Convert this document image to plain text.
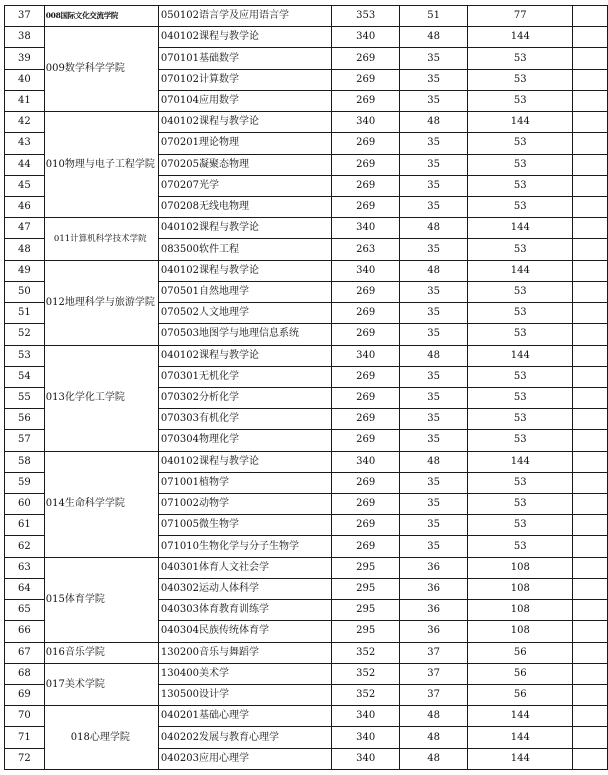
37	008国际文化交流学院	050102语言学及应用语言学	353	51	77	
38	009数学科学学院	040102课程与教学论	340	48	144	
39		070101基础数学	269	35	53	
40		070102计算数学	269	35	53	
41		070104应用数学	269	35	53	
42	010物理与电子工程学院	040102课程与教学论	340	48	144	
43		070201理论物理	269	35	53	
44		070205凝聚态物理	269	35	53	
45		070207光学	269	35	53	
46		070208无线电物理	269	35	53	
47	011计算机科学技术学院	040102课程与教学论	340	48	144	
48		083500软件工程	263	35	53	
49	012地理科学与旅游学院	040102课程与教学论	340	48	144	
50		070501自然地理学	269	35	53	
51		070502人文地理学	269	35	53	
52		070503地图学与地理信息系统	269	35	53	
53	013化学化工学院	040102课程与教学论	340	48	144	
54		070301无机化学	269	35	53	
55		070302分析化学	269	35	53	
56		070303有机化学	269	35	53	
57		070304物理化学	269	35	53	
58	014生命科学学院	040102课程与教学论	340	48	144	
59		071001植物学	269	35	53	
60		071002动物学	269	35	53	
61		071005微生物学	269	35	53	
62		071010生物化学与分子生物学	269	35	53	
63	015体育学院	040301体育人文社会学	295	36	108	
64		040302运动人体科学	295	36	108	
65		040303体育教育训练学	295	36	108	
66		040304民族传统体育学	295	36	108	
67	016音乐学院	130200音乐与舞蹈学	352	37	56	
68	017美术学院	130400美术学	352	37	56	
69		130500设计学	352	37	56	
70	018心理学院	040201基础心理学	340	48	144	
71		040202发展与教育心理学	340	48	144	
72		040203应用心理学	340	48	144	
